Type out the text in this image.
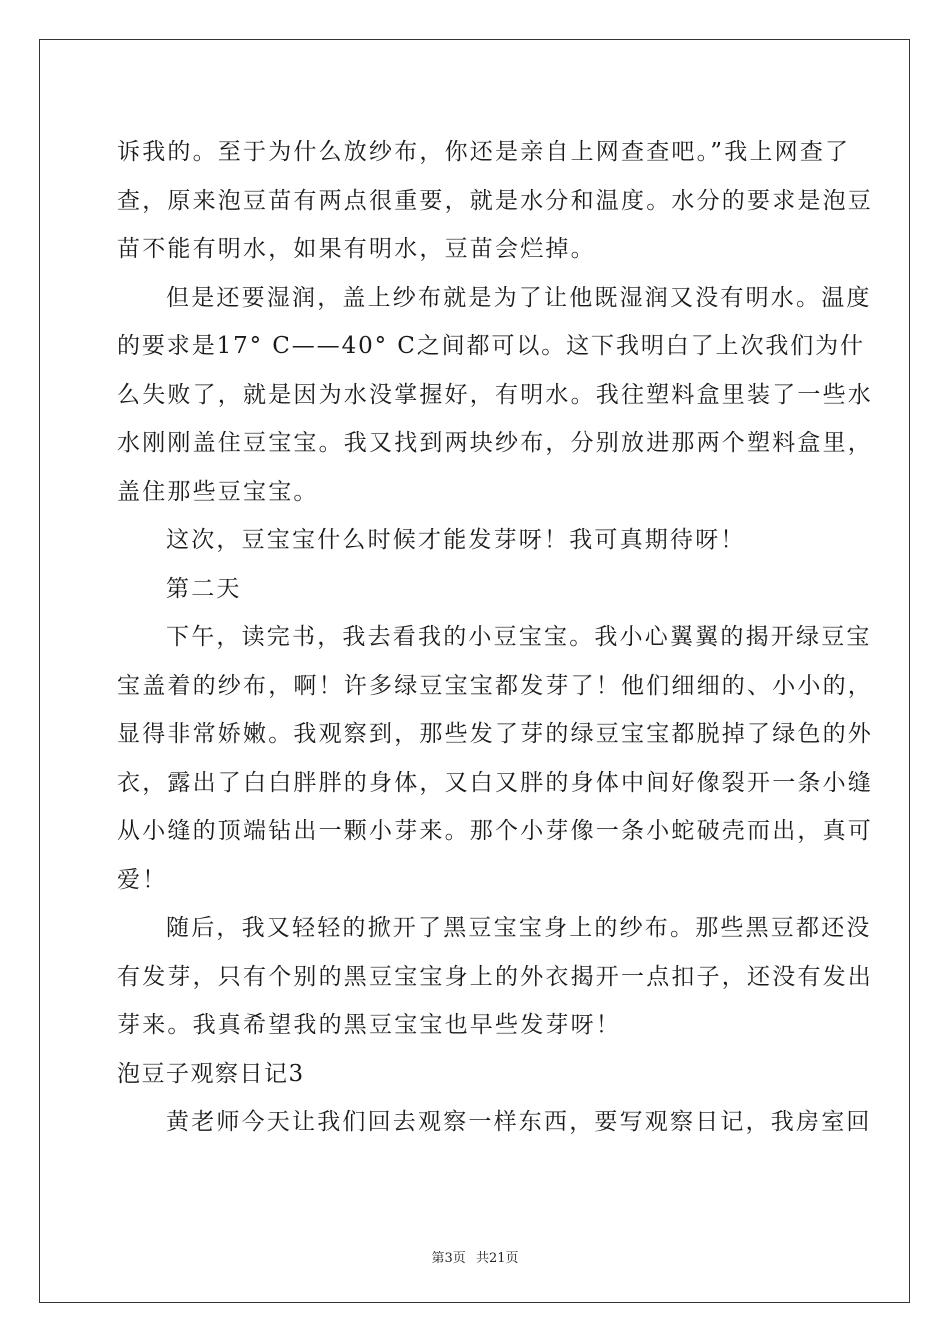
诉我的。至于为什么放纱布，你还是亲自上网查查吧。”我上网查了
查，原来泡豆苗有两点很重要，就是水分和温度。水分的要求是泡豆
苗不能有明水，如果有明水，豆苗会烂掉。
但是还要湿润，盖上纱布就是为了让他既湿润又没有明水。温度
的要求是17° C——40° C之间都可以。这下我明白了上次我们为什
么失败了，就是因为水没掌握好，有明水。我往塑料盒里装了一些水
水刚刚盖住豆宝宝。我又找到两块纱布，分别放进那两个塑料盒里，
盖住那些豆宝宝。
这次，豆宝宝什么时候才能发芽呀！我可真期待呀！
第二天
下午，读完书，我去看我的小豆宝宝。我小心翼翼的揭开绿豆宝
宝盖着的纱布，啊！许多绿豆宝宝都发芽了！他们细细的、小小的，
显得非常娇嫩。我观察到，那些发了芽的绿豆宝宝都脱掉了绿色的外
衣，露出了白白胖胖的身体，又白又胖的身体中间好像裂开一条小缝
从小缝的顶端钻出一颗小芽来。那个小芽像一条小蛇破壳而出，真可
爱！
随后，我又轻轻的掀开了黑豆宝宝身上的纱布。那些黑豆都还没
有发芽，只有个别的黑豆宝宝身上的外衣揭开一点扣子，还没有发出
芽来。我真希望我的黑豆宝宝也早些发芽呀！
泡豆子观察日记3
黄老师今天让我们回去观察一样东西，要写观察日记，我房室回
第3页 共21页
